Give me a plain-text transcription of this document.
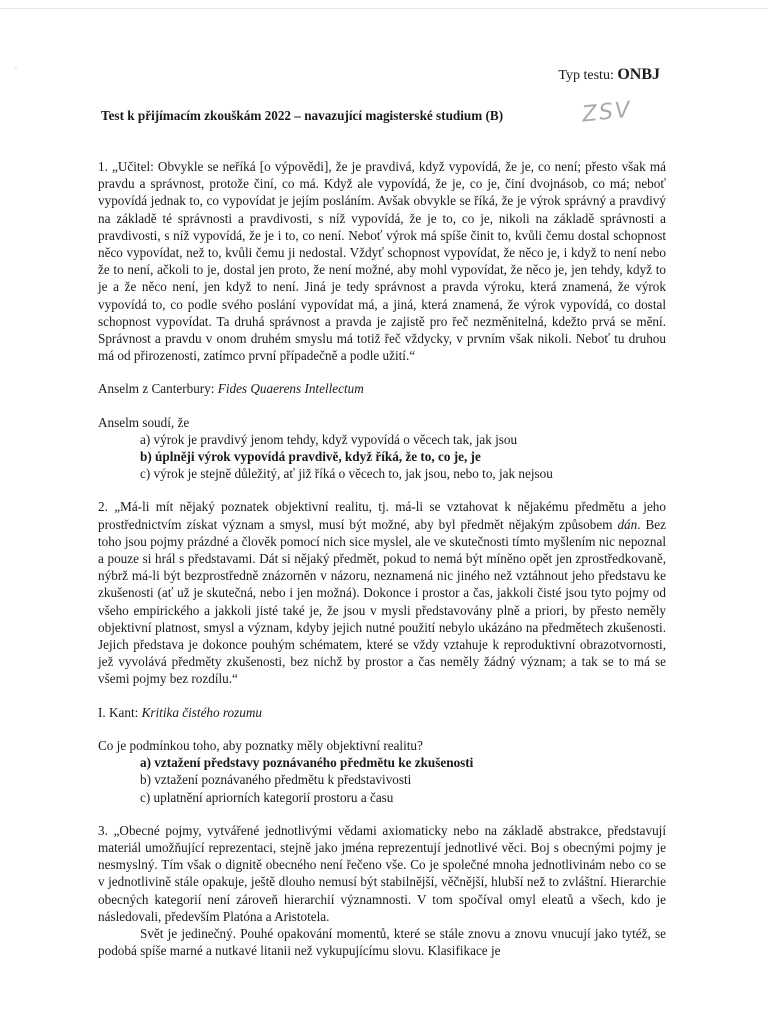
˜	Typ testu: ONBJ
Test k přijímacím zkouškám 2022 – navazující magisterské studium (B)	ZSV

1. „Učitel: Obvykle se neříká [o výpovědi], že je pravdivá, když vypovídá, že je, co není; přesto však má pravdu a správnost, protože činí, co má. Když ale vypovídá, že je, co je, činí dvojnásob, co má; neboť vypovídá jednak to, co vypovídat je jejím posláním. Avšak obvykle se říká, že je výrok správný a pravdivý na základě té správnosti a pravdivosti, s níž vypovídá, že je to, co je, nikoli na základě správnosti a pravdivosti, s níž vypovídá, že je i to, co není. Neboť výrok má spíše činit to, kvůli čemu dostal schopnost něco vypovídat, než to, kvůli čemu ji nedostal. Vždyť schopnost vypovídat, že něco je, i když to není nebo že to není, ačkoli to je, dostal jen proto, že není možné, aby mohl vypovídat, že něco je, jen tehdy, když to je a že něco není, jen když to není. Jiná je tedy správnost a pravda výroku, která znamená, že výrok vypovídá to, co podle svého poslání vypovídat má, a jiná, která znamená, že výrok vypovídá, co dostal schopnost vypovídat. Ta druhá správnost a pravda je zajistě pro řeč nezměnitelná, kdežto prvá se mění. Správnost a pravdu v onom druhém smyslu má totiž řeč vždycky, v prvním však nikoli. Neboť tu druhou má od přirozenosti, zatímco první případečně a podle užití.“

Anselm z Canterbury: Fides Quaerens Intellectum

Anselm soudí, že

a) výrok je pravdivý jenom tehdy, když vypovídá o věcech tak, jak jsou
b) úplněji výrok vypovídá pravdivě, když říká, že to, co je, je
c) výrok je stejně důležitý, ať již říká o věcech to, jak jsou, nebo to, jak nejsou

2. „Má-li mít nějaký poznatek objektivní realitu, tj. má-li se vztahovat k nějakému předmětu a jeho prostřednictvím získat význam a smysl, musí být možné, aby byl předmět nějakým způsobem dán. Bez toho jsou pojmy prázdné a člověk pomocí nich sice myslel, ale ve skutečnosti tímto myšlením nic nepoznal a pouze si hrál s představami. Dát si nějaký předmět, pokud to nemá být míněno opět jen zprostředkovaně, nýbrž má-li být bezprostředně znázorněn v názoru, neznamená nic jiného než vztáhnout jeho představu ke zkušenosti (ať už je skutečná, nebo i jen možná). Dokonce i prostor a čas, jakkoli čisté jsou tyto pojmy od všeho empirického a jakkoli jisté také je, že jsou v mysli představovány plně a priori, by přesto neměly objektivní platnost, smysl a význam, kdyby jejich nutné použití nebylo ukázáno na předmětech zkušenosti. Jejich představa je dokonce pouhým schématem, které se vždy vztahuje k reproduktivní obrazotvornosti, jež vyvolává předměty zkušenosti, bez nichž by prostor a čas neměly žádný význam; a tak se to má se všemi pojmy bez rozdílu.“

I. Kant: Kritika čistého rozumu

Co je podmínkou toho, aby poznatky měly objektivní realitu?

a) vztažení představy poznávaného předmětu ke zkušenosti
b) vztažení poznávaného předmětu k představivosti
c) uplatnění apriorních kategorií prostoru a času

3. „Obecné pojmy, vytvářené jednotlivými vědami axiomaticky nebo na základě abstrakce, představují materiál umožňující reprezentaci, stejně jako jména reprezentují jednotlivé věci. Boj s obecnými pojmy je nesmyslný. Tím však o dignitě obecného není řečeno vše. Co je společné mnoha jednotlivinám nebo co se v jednotlivině stále opakuje, ještě dlouho nemusí být stabilnější, věčnější, hlubší než to zvláštní. Hierarchie obecných kategorií není zároveň hierarchií významnosti. V tom spočíval omyl eleatů a všech, kdo je následovali, především Platóna a Aristotela.

Svět je jedinečný. Pouhé opakování momentů, které se stále znovu a znovu vnucují jako tytéž, se podobá spíše marné a nutkavé litanii než vykupujícímu slovu. Klasifikace je
